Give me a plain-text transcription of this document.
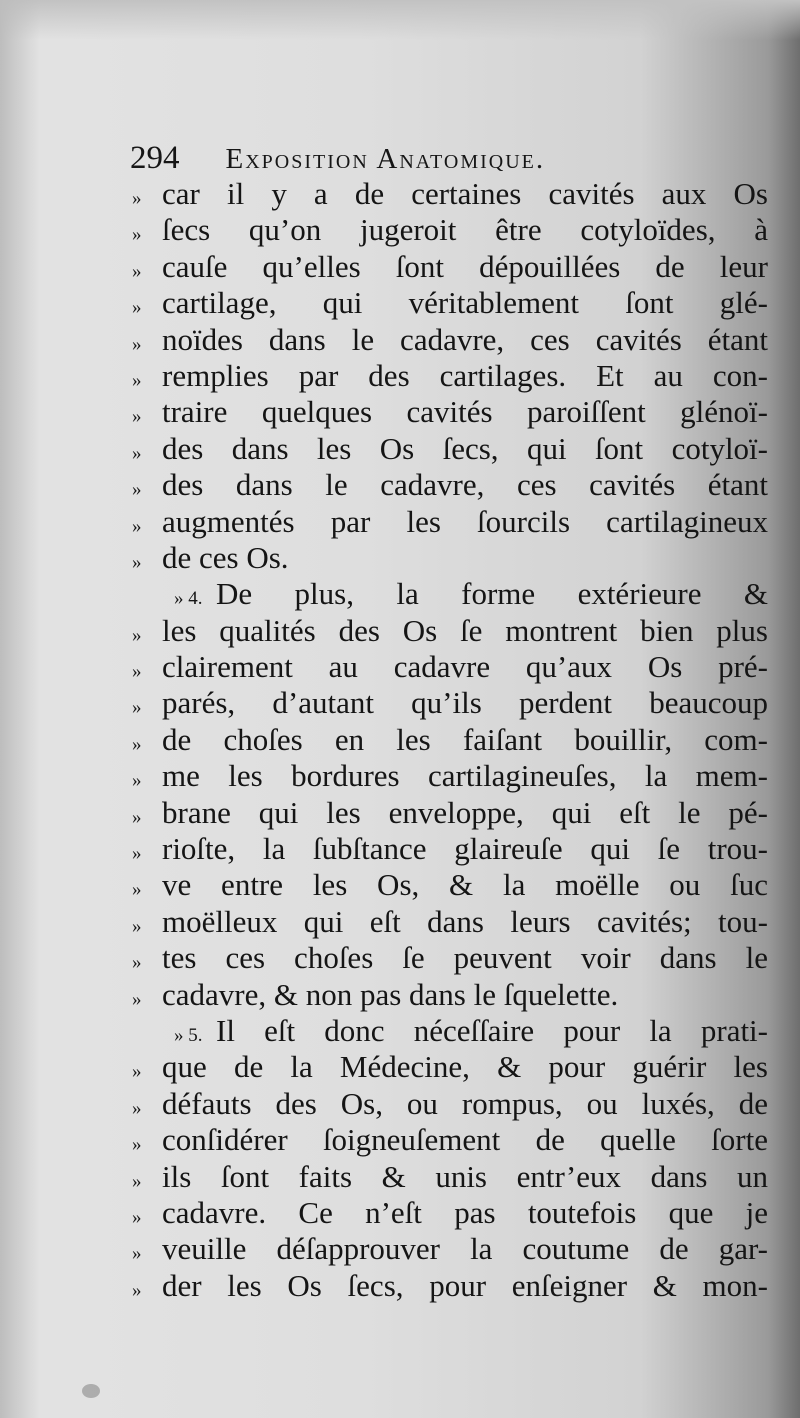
294 Exposition Anatomique.
» car il y a de certaines cavités aux Os
» ſecs qu’on jugeroit être cotyloïdes, à
» cauſe qu’elles ſont dépouillées de leur
» cartilage, qui véritablement ſont glé-
» noïdes dans le cadavre, ces cavités étant
» remplies par des cartilages. Et au con-
» traire quelques cavités paroiſſent glénoï-
» des dans les Os ſecs, qui ſont cotyloï-
» des dans le cadavre, ces cavités étant
» augmentés par les ſourcils cartilagineux
» de ces Os.
» 4. De plus, la forme extérieure &
» les qualités des Os ſe montrent bien plus
» clairement au cadavre qu’aux Os pré-
» parés, d’autant qu’ils perdent beaucoup
» de choſes en les faiſant bouillir, com-
» me les bordures cartilagineuſes, la mem-
» brane qui les enveloppe, qui eſt le pé-
» rioſte, la ſubſtance glaireuſe qui ſe trou-
» ve entre les Os, & la moëlle ou ſuc
» moëlleux qui eſt dans leurs cavités; tou-
» tes ces choſes ſe peuvent voir dans le
» cadavre, & non pas dans le ſquelette.
» 5. Il eſt donc néceſſaire pour la prati-
» que de la Médecine, & pour guérir les
» défauts des Os, ou rompus, ou luxés, de
» conſidérer ſoigneuſement de quelle ſorte
» ils ſont faits & unis entr’eux dans un
» cadavre. Ce n’eſt pas toutefois que je
» veuille déſapprouver la coutume de gar-
» der les Os ſecs, pour enſeigner & mon-
